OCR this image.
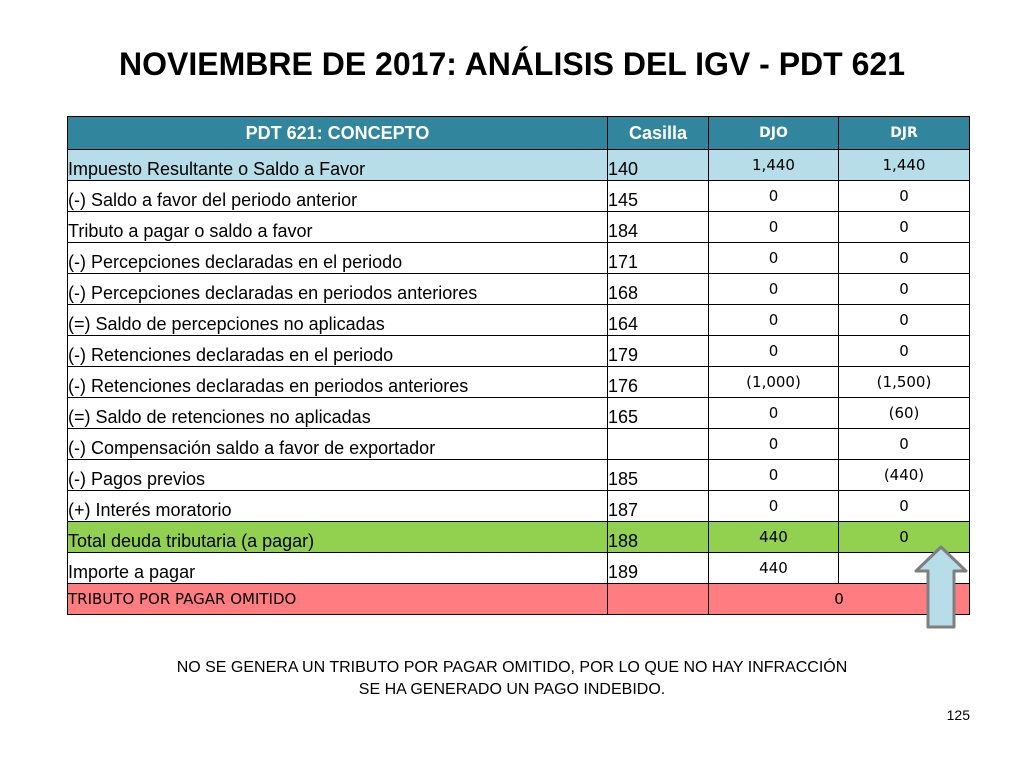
NOVIEMBRE DE 2017: ANÁLISIS DEL IGV - PDT 621
PDT 621: CONCEPTO	Casilla	DJO	DJR
Impuesto Resultante o Saldo a Favor	140	1,440	1,440
(-) Saldo a favor del periodo anterior	145	0	0
Tributo a pagar o saldo a favor	184	0	0
(-) Percepciones declaradas en el periodo	171	0	0
(-) Percepciones declaradas en periodos anteriores	168	0	0
(=) Saldo de percepciones no aplicadas	164	0	0
(-) Retenciones declaradas en el periodo	179	0	0
(-) Retenciones declaradas en periodos anteriores	176	(1,000)	(1,500)
(=) Saldo de retenciones no aplicadas	165	0	(60)
(-) Compensación saldo a favor de exportador		0	0
(-) Pagos previos	185	0	(440)
(+) Interés moratorio	187	0	0
Total deuda tributaria (a pagar)	188	440	0
Importe a pagar	189	440	
TRIBUTO POR PAGAR OMITIDO		0	
NO SE GENERA UN TRIBUTO POR PAGAR OMITIDO, POR LO QUE NO HAY INFRACCIÓN
SE HA GENERADO UN PAGO INDEBIDO.
125
